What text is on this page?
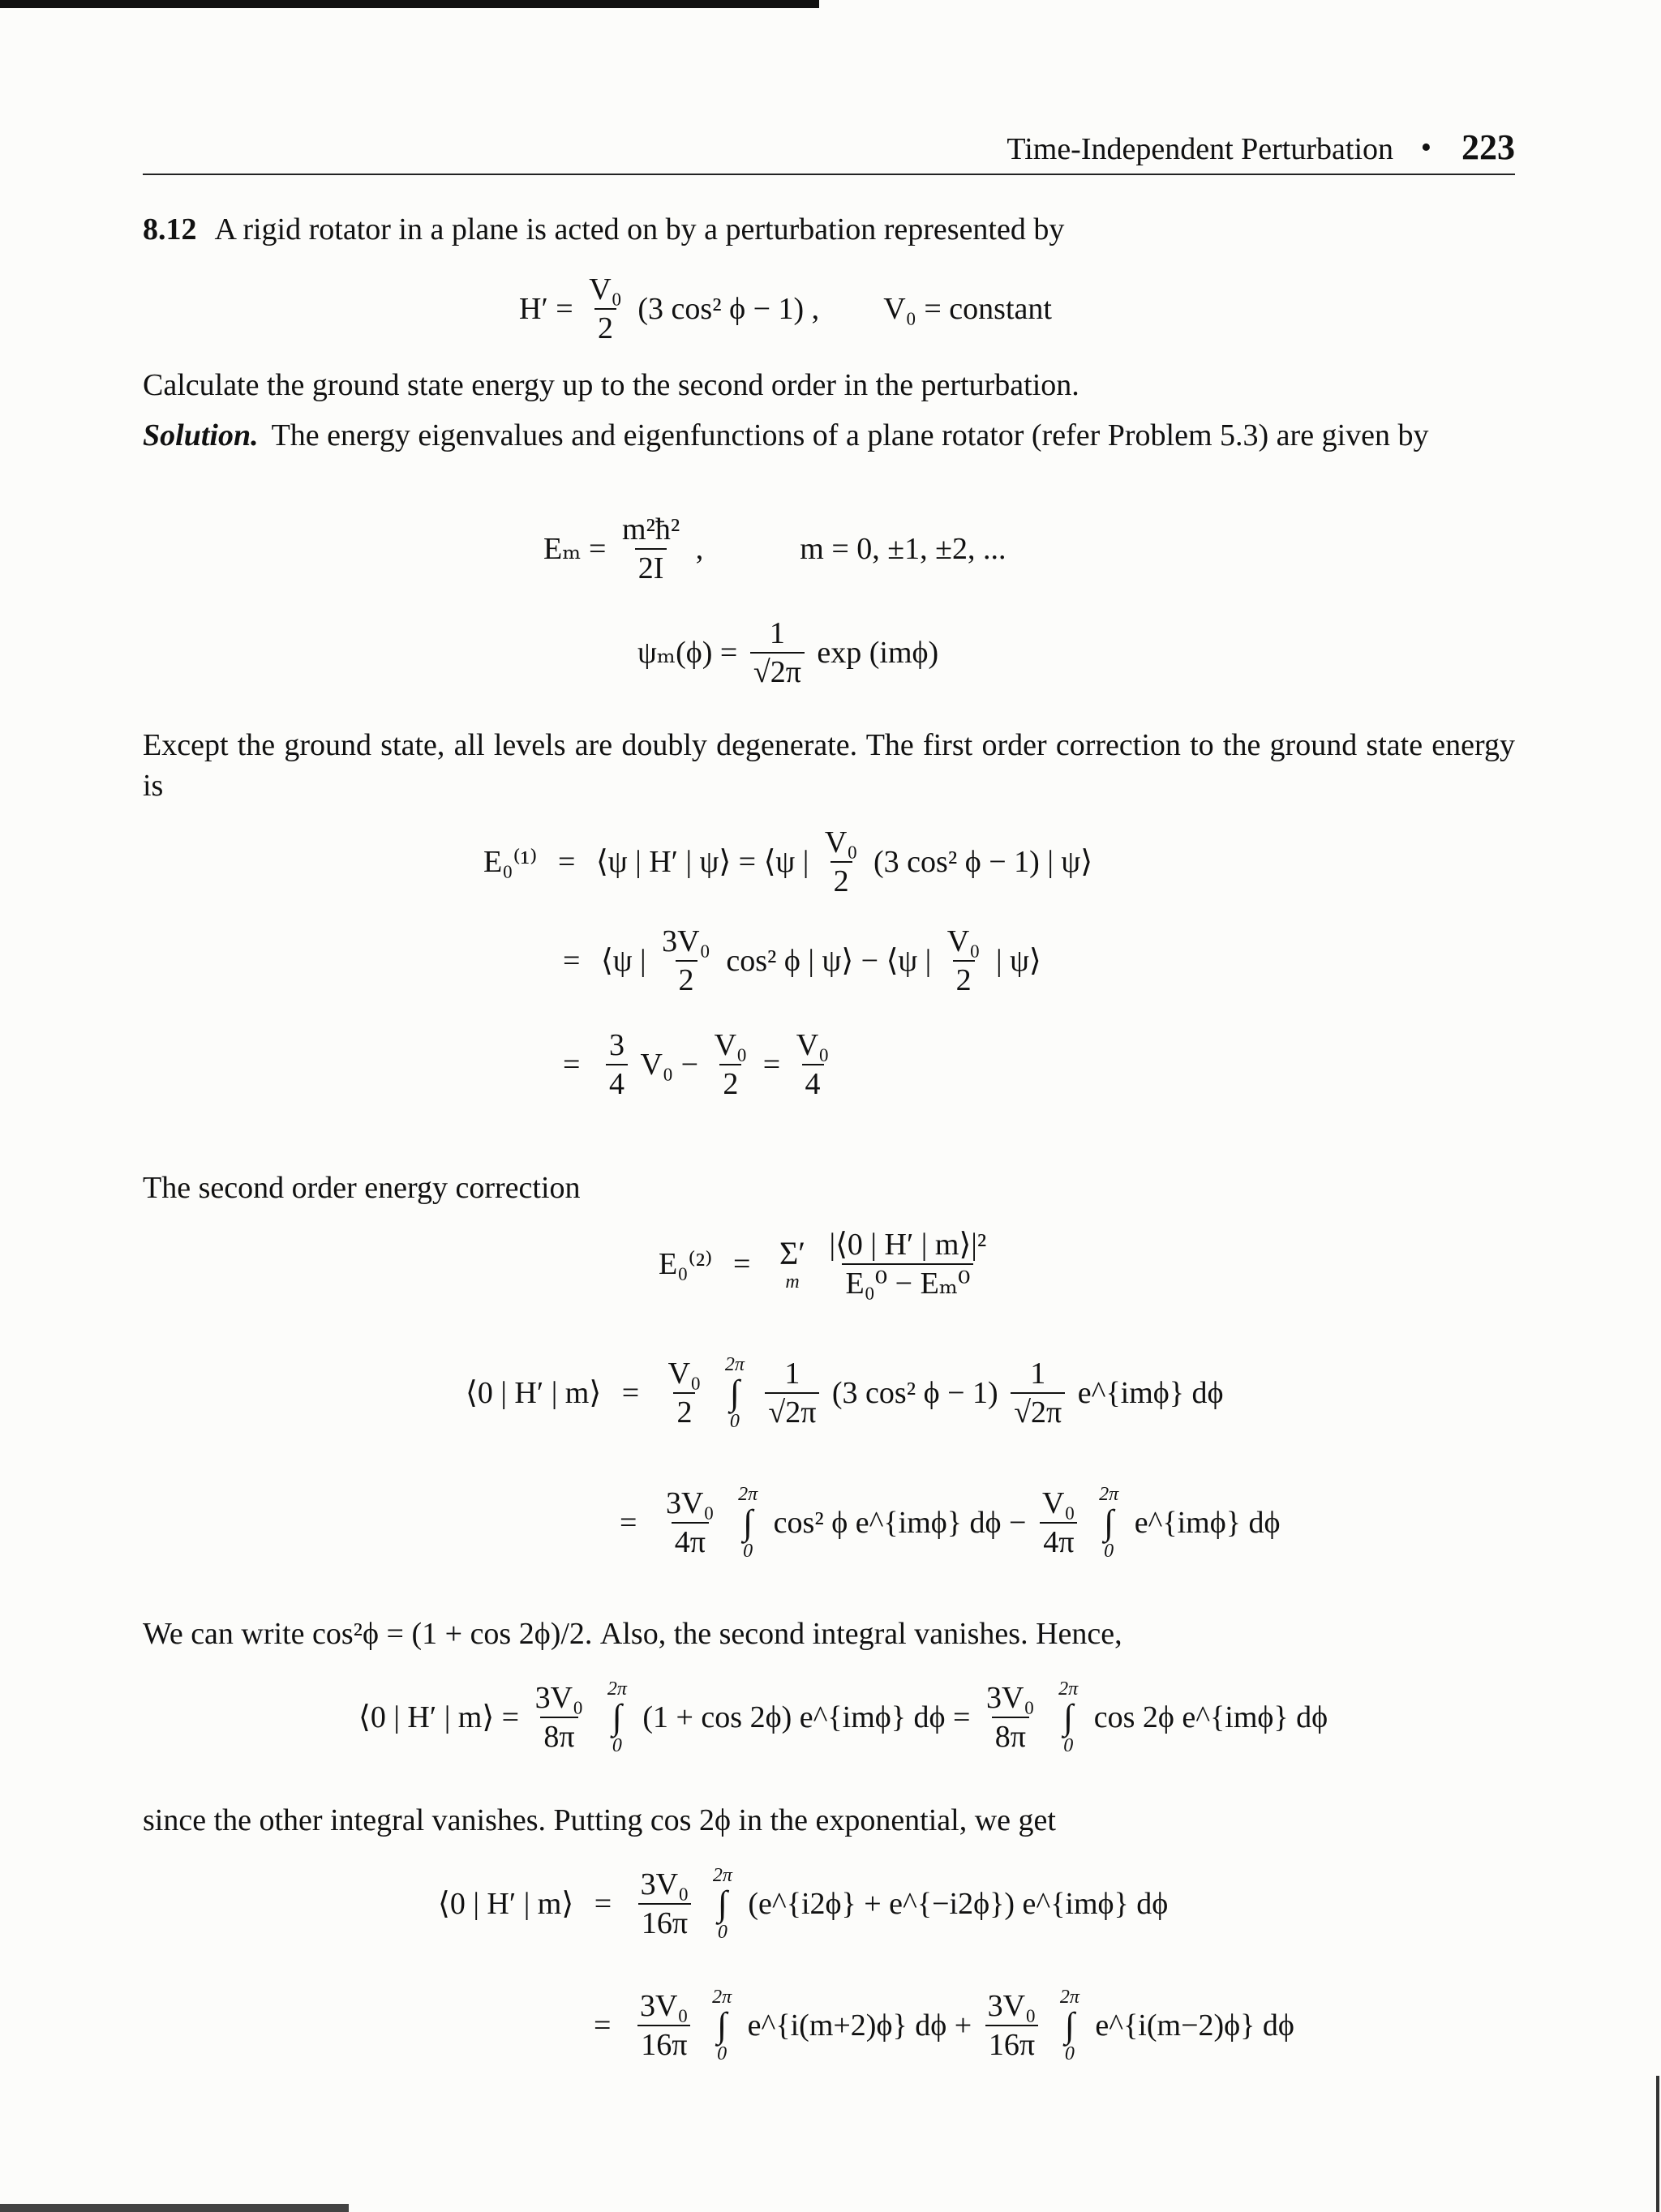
Time-Independent Perturbation • 223
8.12 A rigid rotator in a plane is acted on by a perturbation represented by
$H' = \frac{\text{V₀}}{2} (3$ cos² ϕ − 1) , V₀ = constant
Calculate the ground state energy up to the second order in the perturbation.
Solution. The energy eigenvalues and eigenfunctions of a plane rotator (refer Problem 5.3) are given by
$E_m = \frac{\text{m²ħ²}}{2I}$ ,	m = 0, ±1, ±2, ...
$\psi_m(\phi) = \frac{1}{√2\pi}$ exp (imϕ)
Except the ground state, all levels are doubly degenerate. The first order correction to the ground state energy is
E₀⁽¹⁾ = ⟨ψ | H′ | ψ⟩ = ⟨ψ | $\frac{\text{V₀}}{2} (3$ cos² ϕ − 1) | ψ⟩
= ⟨ψ | $\frac{\text{3V₀}}{2} \cos^2$ ϕ | ψ⟩ − ⟨ψ | $\frac{\text{V₀}}{2}$ | ψ⟩
= $\frac{3}{4} V_0 - \frac{\text{V₀}}{2} = \frac{\text{V₀}}{4}$
The second order energy correction
E₀⁽²⁾ = Σ′
m
$\frac{\text{|⟨0 | H′ | m⟩|²}}{\text{E₀⁰ − Eₘ⁰}}$
⟨0 | H′ | m⟩ = $\frac{\text{V₀}}{2}$
2π
∫
0
$\frac{1}{√2\pi} (3$ cos² $\phi - 1) \frac{1}{√2\pi}$ e^{imϕ} dϕ
= $\frac{\text{3V₀}}{4\pi}$
2π
∫
0
cos² ϕ e^{imϕ} $d\phi - \frac{\text{V₀}}{4\pi}$
2π
∫
0
e^{imϕ} dϕ
We can write cos²ϕ = (1 + cos 2ϕ)/2. Also, the second integral vanishes. Hence,
⟨0 | H′ | m⟩ = $\frac{\text{3V₀}}{8\pi}$
2π
∫
0
(1 + cos 2ϕ) e^{imϕ} $d\phi = \frac{\text{3V₀}}{8\pi}$
2π
∫
0
cos 2ϕ e^{imϕ} dϕ
since the other integral vanishes. Putting cos 2ϕ in the exponential, we get
⟨0 | H′ | m⟩ = $\frac{\text{3V₀}}{16\pi}$
2π
∫
0
(e^{i2ϕ} + e^{−i2ϕ}) e^{imϕ} dϕ
= $\frac{\text{3V₀}}{16\pi}$
2π
∫
0
e^{i(m+2)ϕ} $d\phi + \frac{\text{3V₀}}{16\pi}$
2π
∫
0
e^{i(m−2)ϕ} dϕ
